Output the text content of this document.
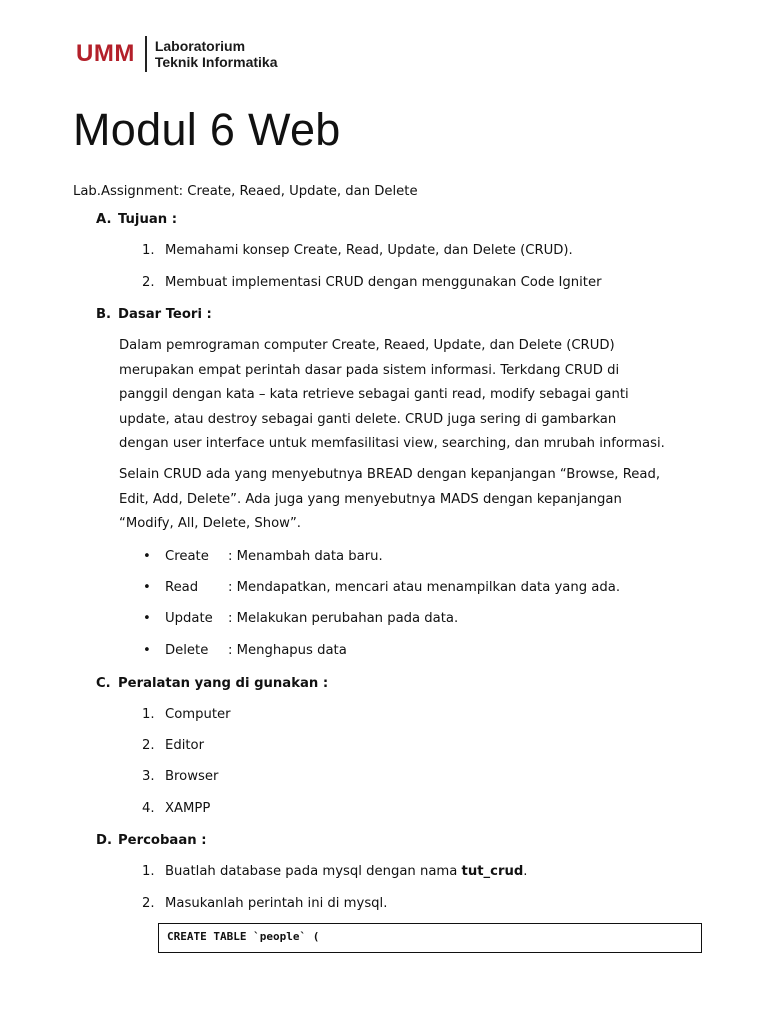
UMM Laboratorium
Teknik Informatika
Modul 6 Web
Lab.Assignment: Create, Reaed, Update, dan Delete
A. Tujuan :
1. Memahami konsep Create, Read, Update, dan Delete (CRUD).
2. Membuat implementasi CRUD dengan menggunakan Code Igniter
B. Dasar Teori :
Dalam pemrograman computer Create, Reaed, Update, dan Delete (CRUD)
merupakan empat perintah dasar pada sistem informasi. Terkdang CRUD di
panggil dengan kata – kata retrieve sebagai ganti read, modify sebagai ganti
update, atau destroy sebagai ganti delete. CRUD juga sering di gambarkan
dengan user interface untuk memfasilitasi view, searching, dan mrubah informasi.
Selain CRUD ada yang menyebutnya BREAD dengan kepanjangan “Browse, Read,
Edit, Add, Delete”. Ada juga yang menyebutnya MADS dengan kepanjangan
“Modify, All, Delete, Show”.
• Create : Menambah data baru.
• Read : Mendapatkan, mencari atau menampilkan data yang ada.
• Update : Melakukan perubahan pada data.
• Delete : Menghapus data
C. Peralatan yang di gunakan :
1. Computer
2. Editor
3. Browser
4. XAMPP
D. Percobaan :
1. Buatlah database pada mysql dengan nama tut_crud.
2. Masukanlah perintah ini di mysql.
CREATE TABLE `people` (
